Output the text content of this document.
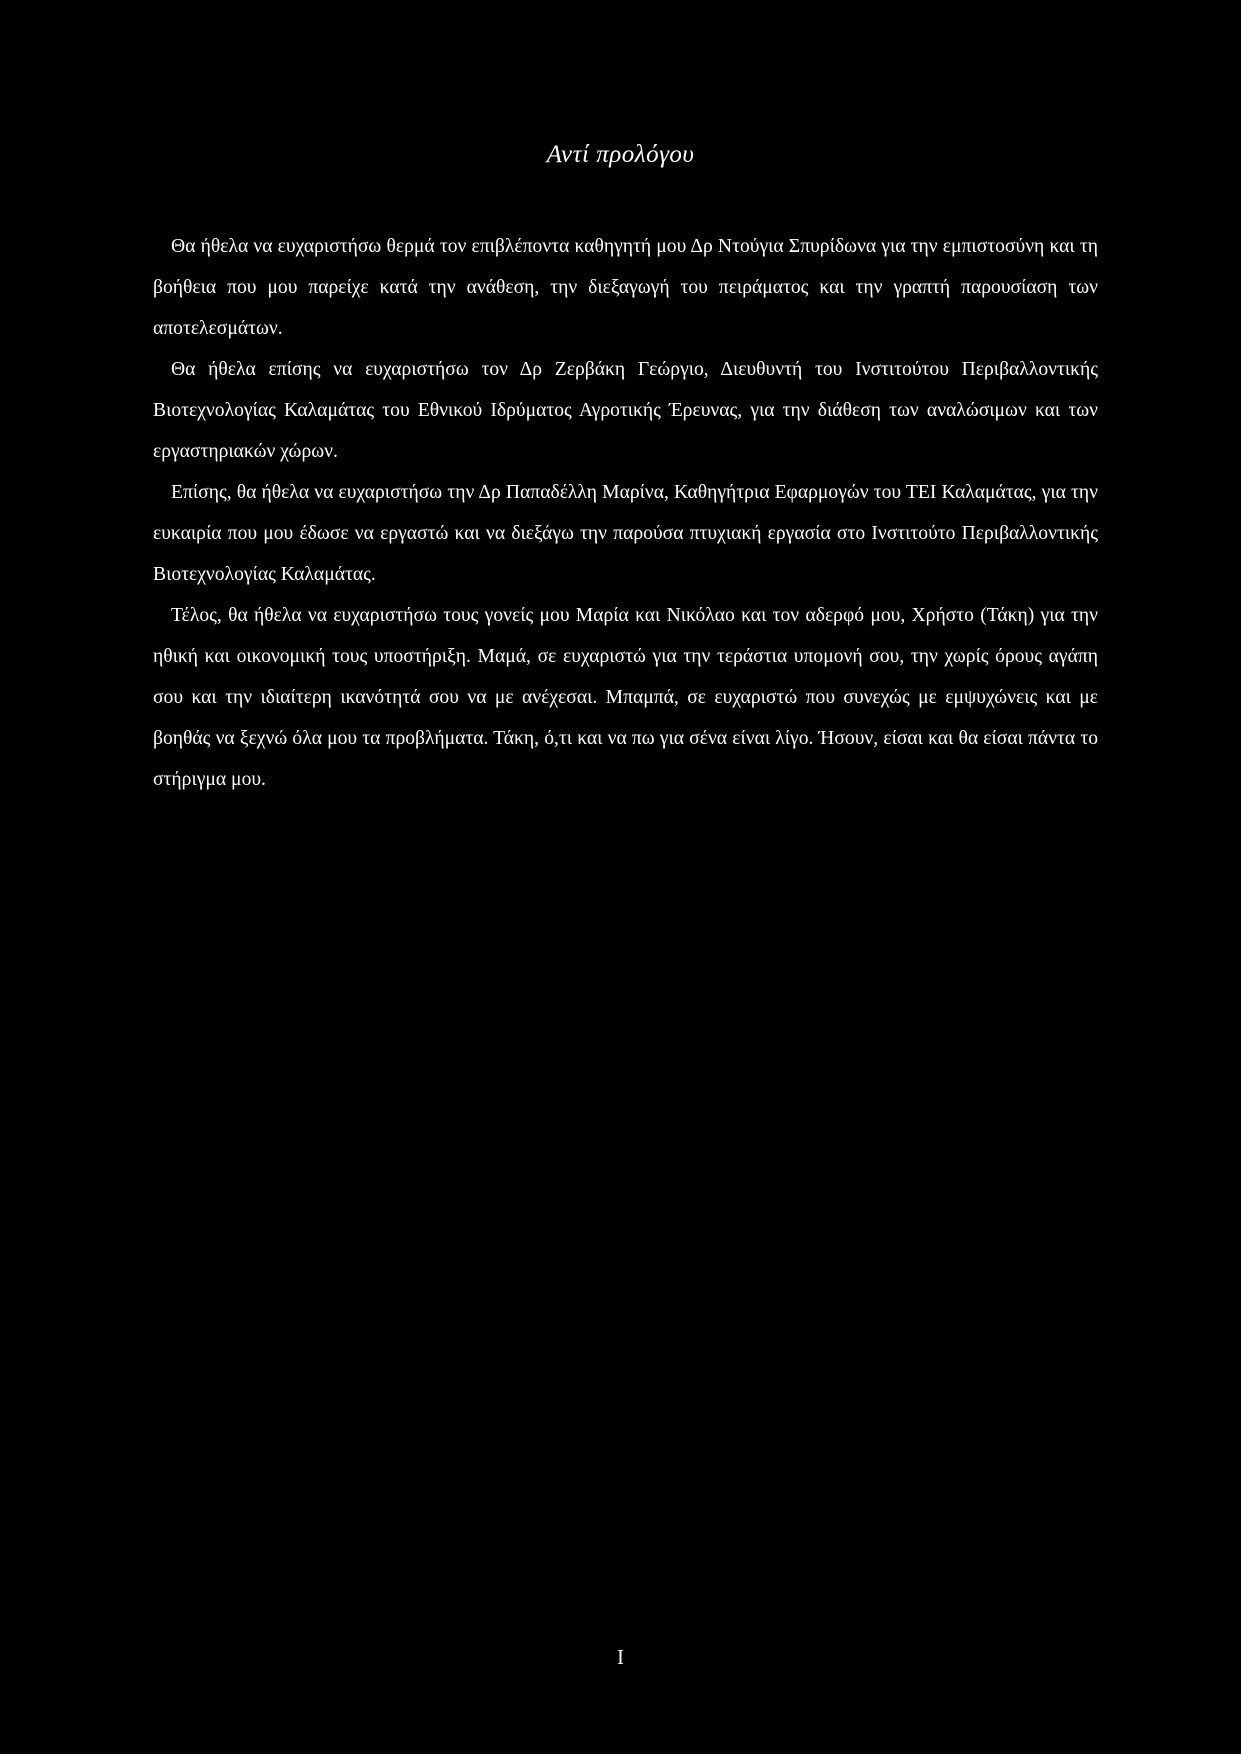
Αντί προλόγου

Θα ήθελα να ευχαριστήσω θερμά τον επιβλέποντα καθηγητή μου Δρ Ντούγια Σπυρίδωνα για την εμπιστοσύνη και τη βοήθεια που μου παρείχε κατά την ανάθεση, την διεξαγωγή του πειράματος και την γραπτή παρουσίαση των αποτελεσμάτων.

Θα ήθελα επίσης να ευχαριστήσω τον Δρ Ζερβάκη Γεώργιο, Διευθυντή του Ινστιτούτου Περιβαλλοντικής Βιοτεχνολογίας Καλαμάτας του Εθνικού Ιδρύματος Αγροτικής Έρευνας, για την διάθεση των αναλώσιμων και των εργαστηριακών χώρων.

Επίσης, θα ήθελα να ευχαριστήσω την Δρ Παπαδέλλη Μαρίνα, Καθηγήτρια Εφαρμογών του ΤΕΙ Καλαμάτας, για την ευκαιρία που μου έδωσε να εργαστώ και να διεξάγω την παρούσα πτυχιακή εργασία στο Ινστιτούτο Περιβαλλοντικής Βιοτεχνολογίας Καλαμάτας.

Τέλος, θα ήθελα να ευχαριστήσω τους γονείς μου Μαρία και Νικόλαο και τον αδερφό μου, Χρήστο (Τάκη) για την ηθική και οικονομική τους υποστήριξη. Μαμά, σε ευχαριστώ για την τεράστια υπομονή σου, την χωρίς όρους αγάπη σου και την ιδιαίτερη ικανότητά σου να με ανέχεσαι. Μπαμπά, σε ευχαριστώ που συνεχώς με εμψυχώνεις και με βοηθάς να ξεχνώ όλα μου τα προβλήματα. Τάκη, ό,τι και να πω για σένα είναι λίγο. Ήσουν, είσαι και θα είσαι πάντα το στήριγμα μου.

I
